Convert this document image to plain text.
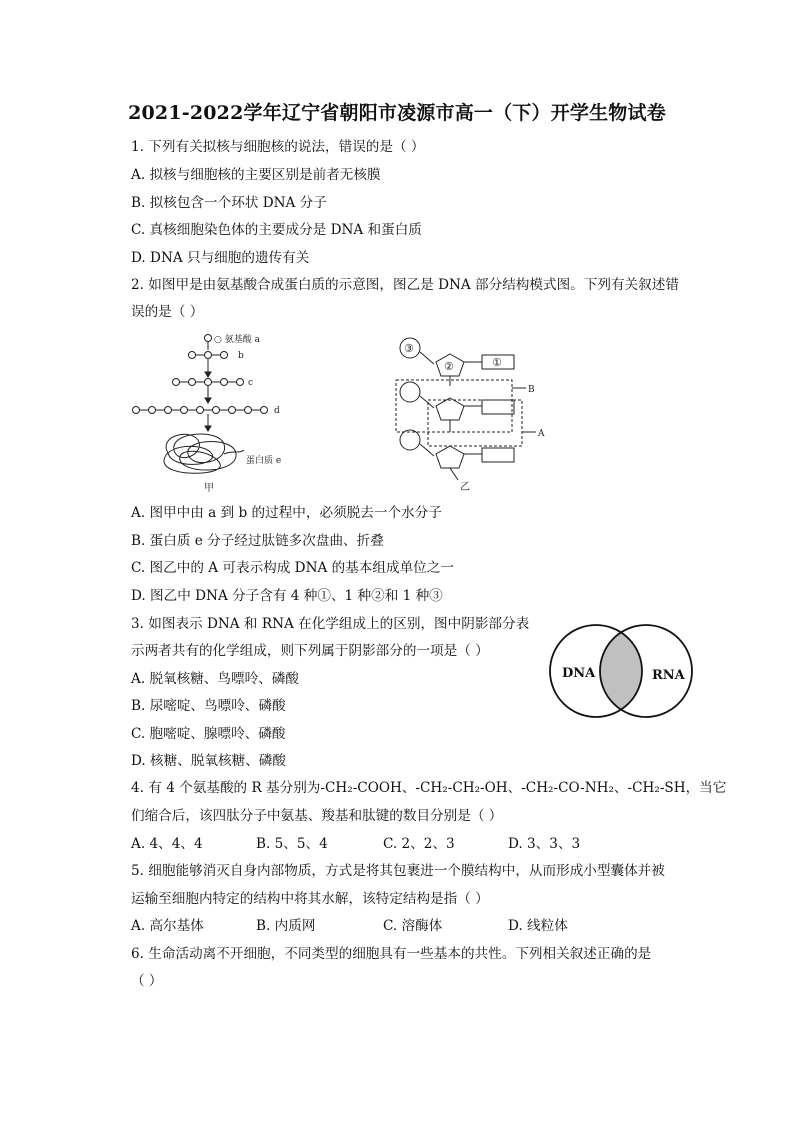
2021-2022学年辽宁省朝阳市凌源市高一（下）开学生物试卷
1. 下列有关拟核与细胞核的说法，错误的是（ ）
A. 拟核与细胞核的主要区别是前者无核膜
B. 拟核包含一个环状 DNA 分子
C. 真核细胞染色体的主要成分是 DNA 和蛋白质
D. DNA 只与细胞的遗传有关
2. 如图甲是由氨基酸合成蛋白质的示意图，图乙是 DNA 部分结构模式图。下列有关叙述错
误的是（ ）
○ 氨基酸 a
b
c
d
蛋白质 e
甲
③
②	①
B
A
乙
A. 图甲中由 a 到 b 的过程中，必须脱去一个水分子
B. 蛋白质 e 分子经过肽链多次盘曲、折叠
C. 图乙中的 A 可表示构成 DNA 的基本组成单位之一
D. 图乙中 DNA 分子含有 4 种①、1 种②和 1 种③
3. 如图表示 DNA 和 RNA 在化学组成上的区别，图中阴影部分表
示两者共有的化学组成，则下列属于阴影部分的一项是（ ）
A. 脱氧核糖、鸟嘌呤、磷酸
B. 尿嘧啶、鸟嘌呤、磷酸
C. 胞嘧啶、腺嘌呤、磷酸
D. 核糖、脱氧核糖、磷酸
DNA	RNA
4. 有 4 个氨基酸的 R 基分别为-CH₂-COOH、-CH₂-CH₂-OH、-CH₂-CO-NH₂、-CH₂-SH，当它
们缩合后，该四肽分子中氨基、羧基和肽键的数目分别是（ ）
A. 4、4、4	B. 5、5、4	C. 2、2、3	D. 3、3、3
5. 细胞能够消灭自身内部物质，方式是将其包裹进一个膜结构中，从而形成小型囊体并被
运输至细胞内特定的结构中将其水解，该特定结构是指（ ）
A. 高尔基体	B. 内质网	C. 溶酶体	D. 线粒体
6. 生命活动离不开细胞，不同类型的细胞具有一些基本的共性。下列相关叙述正确的是
（ ）
